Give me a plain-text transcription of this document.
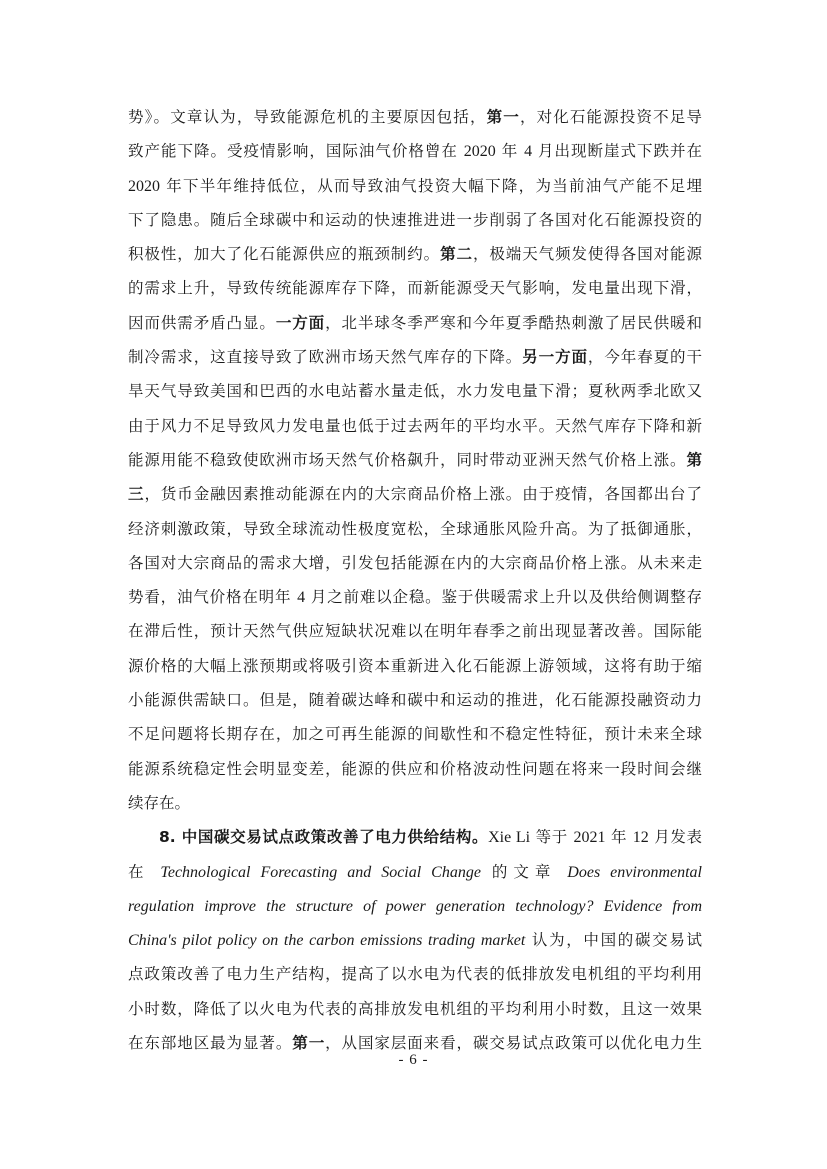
势》。文章认为，导致能源危机的主要原因包括，第一，对化石能源投资不足导
致产能下降。受疫情影响，国际油气价格曾在 2020 年 4 月出现断崖式下跌并在
2020 年下半年维持低位，从而导致油气投资大幅下降，为当前油气产能不足埋
下了隐患。随后全球碳中和运动的快速推进进一步削弱了各国对化石能源投资的
积极性，加大了化石能源供应的瓶颈制约。第二，极端天气频发使得各国对能源
的需求上升，导致传统能源库存下降，而新能源受天气影响，发电量出现下滑，
因而供需矛盾凸显。一方面，北半球冬季严寒和今年夏季酷热刺激了居民供暖和
制冷需求，这直接导致了欧洲市场天然气库存的下降。另一方面，今年春夏的干
旱天气导致美国和巴西的水电站蓄水量走低，水力发电量下滑；夏秋两季北欧又
由于风力不足导致风力发电量也低于过去两年的平均水平。天然气库存下降和新
能源用能不稳致使欧洲市场天然气价格飙升，同时带动亚洲天然气价格上涨。第
三，货币金融因素推动能源在内的大宗商品价格上涨。由于疫情，各国都出台了
经济刺激政策，导致全球流动性极度宽松，全球通胀风险升高。为了抵御通胀，
各国对大宗商品的需求大增，引发包括能源在内的大宗商品价格上涨。从未来走
势看，油气价格在明年 4 月之前难以企稳。鉴于供暖需求上升以及供给侧调整存
在滞后性，预计天然气供应短缺状况难以在明年春季之前出现显著改善。国际能
源价格的大幅上涨预期或将吸引资本重新进入化石能源上游领域，这将有助于缩
小能源供需缺口。但是，随着碳达峰和碳中和运动的推进，化石能源投融资动力
不足问题将长期存在，加之可再生能源的间歇性和不稳定性特征，预计未来全球
能源系统稳定性会明显变差，能源的供应和价格波动性问题在将来一段时间会继
续存在。
8. 中国碳交易试点政策改善了电力供给结构。Xie Li 等于 2021 年 12 月发表
在 Technological Forecasting and Social Change 的文章 Does environmental
regulation improve the structure of power generation technology? Evidence from
China's pilot policy on the carbon emissions trading market 认为，中国的碳交易试
点政策改善了电力生产结构，提高了以水电为代表的低排放发电机组的平均利用
小时数，降低了以火电为代表的高排放发电机组的平均利用小时数，且这一效果
在东部地区最为显著。第一，从国家层面来看，碳交易试点政策可以优化电力生
- 6 -
